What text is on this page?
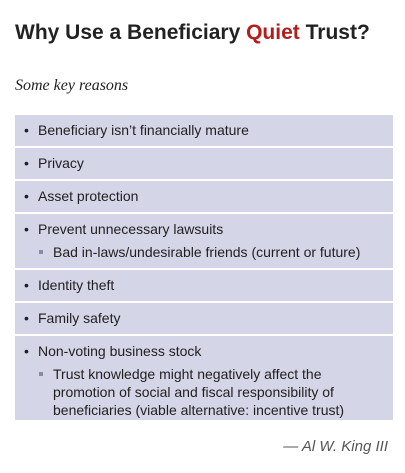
Why Use a Beneficiary Quiet Trust?
Some key reasons
• Beneficiary isn’t financially mature
• Privacy
• Asset protection
• Prevent unnecessary lawsuits
Bad in-laws/undesirable friends (current or future)
• Identity theft
• Family safety
• Non-voting business stock
Trust knowledge might negatively affect the promotion of social and fiscal responsibility of beneficiaries (viable alternative: incentive trust)
— Al W. King III
